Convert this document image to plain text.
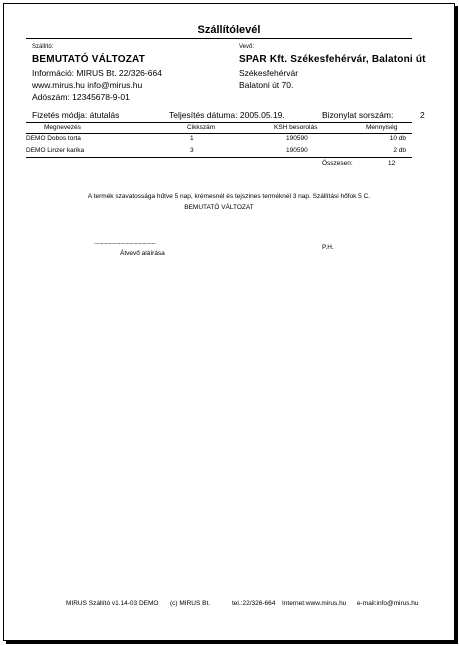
Szállítólevél
Szállító:
BEMUTATÓ VÁLTOZAT
Információ: MIRUS Bt. 22/326-664
www.mirus.hu info@mirus.hu
Adószám: 12345678-9-01
Vevő:
SPAR Kft. Székesfehérvár, Balatoni út
Székesfehérvár
Balatoni út 70.
Fizetés módja: átutalás	Teljesítés dátuma: 2005.05.19.	Bizonylat sorszám:	2
Megnevezés	Cikkszám	KSH besorolás	Mennyiség
DEMO Dobos torta	1	190590	10 db
DEMO Linzer karika	3	190590	2 db
Összesen:	12
A termék szavatossága hűtve 5 nap, krémesnél és tejszínes terméknél 3 nap. Szállítási hőfok 5 C.
BEMUTATÓ VÁLTOZAT
...............................................
Átvevő aláírása
P.H.
MIRUS Szállító v1.14-03 DEMO (c) MIRUS Bt.	tel.:22/326-664 Internet:www.mirus.hu e-mail:info@mirus.hu
